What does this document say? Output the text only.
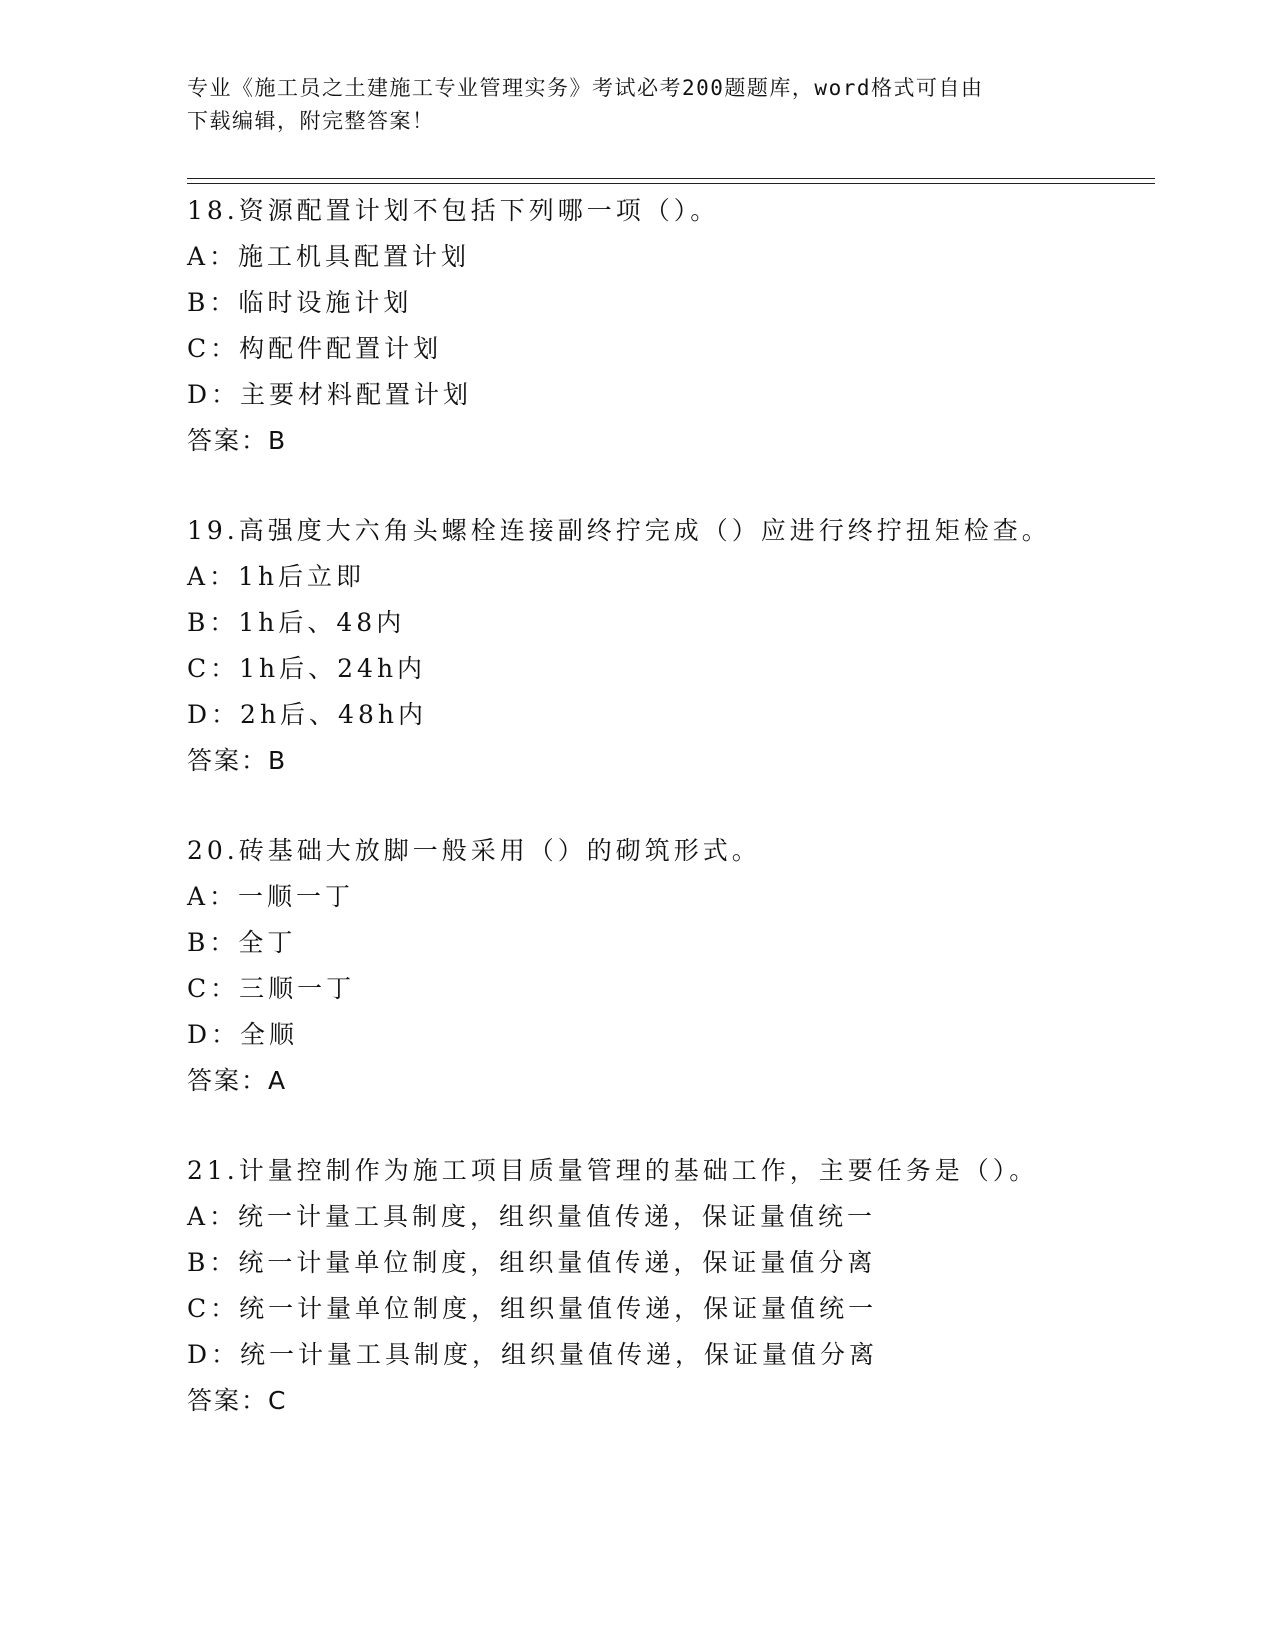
专业《施工员之土建施工专业管理实务》考试必考200题题库，word格式可自由
下载编辑，附完整答案！
18.资源配置计划不包括下列哪一项（）。
A：施工机具配置计划
B：临时设施计划
C：构配件配置计划
D：主要材料配置计划
答案：B
19.高强度大六角头螺栓连接副终拧完成（）应进行终拧扭矩检查。
A：1h后立即
B：1h后、48内
C：1h后、24h内
D：2h后、48h内
答案：B
20.砖基础大放脚一般采用（）的砌筑形式。
A：一顺一丁
B：全丁
C：三顺一丁
D：全顺
答案：A
21.计量控制作为施工项目质量管理的基础工作，主要任务是（）。
A：统一计量工具制度，组织量值传递，保证量值统一
B：统一计量单位制度，组织量值传递，保证量值分离
C：统一计量单位制度，组织量值传递，保证量值统一
D：统一计量工具制度，组织量值传递，保证量值分离
答案：C
